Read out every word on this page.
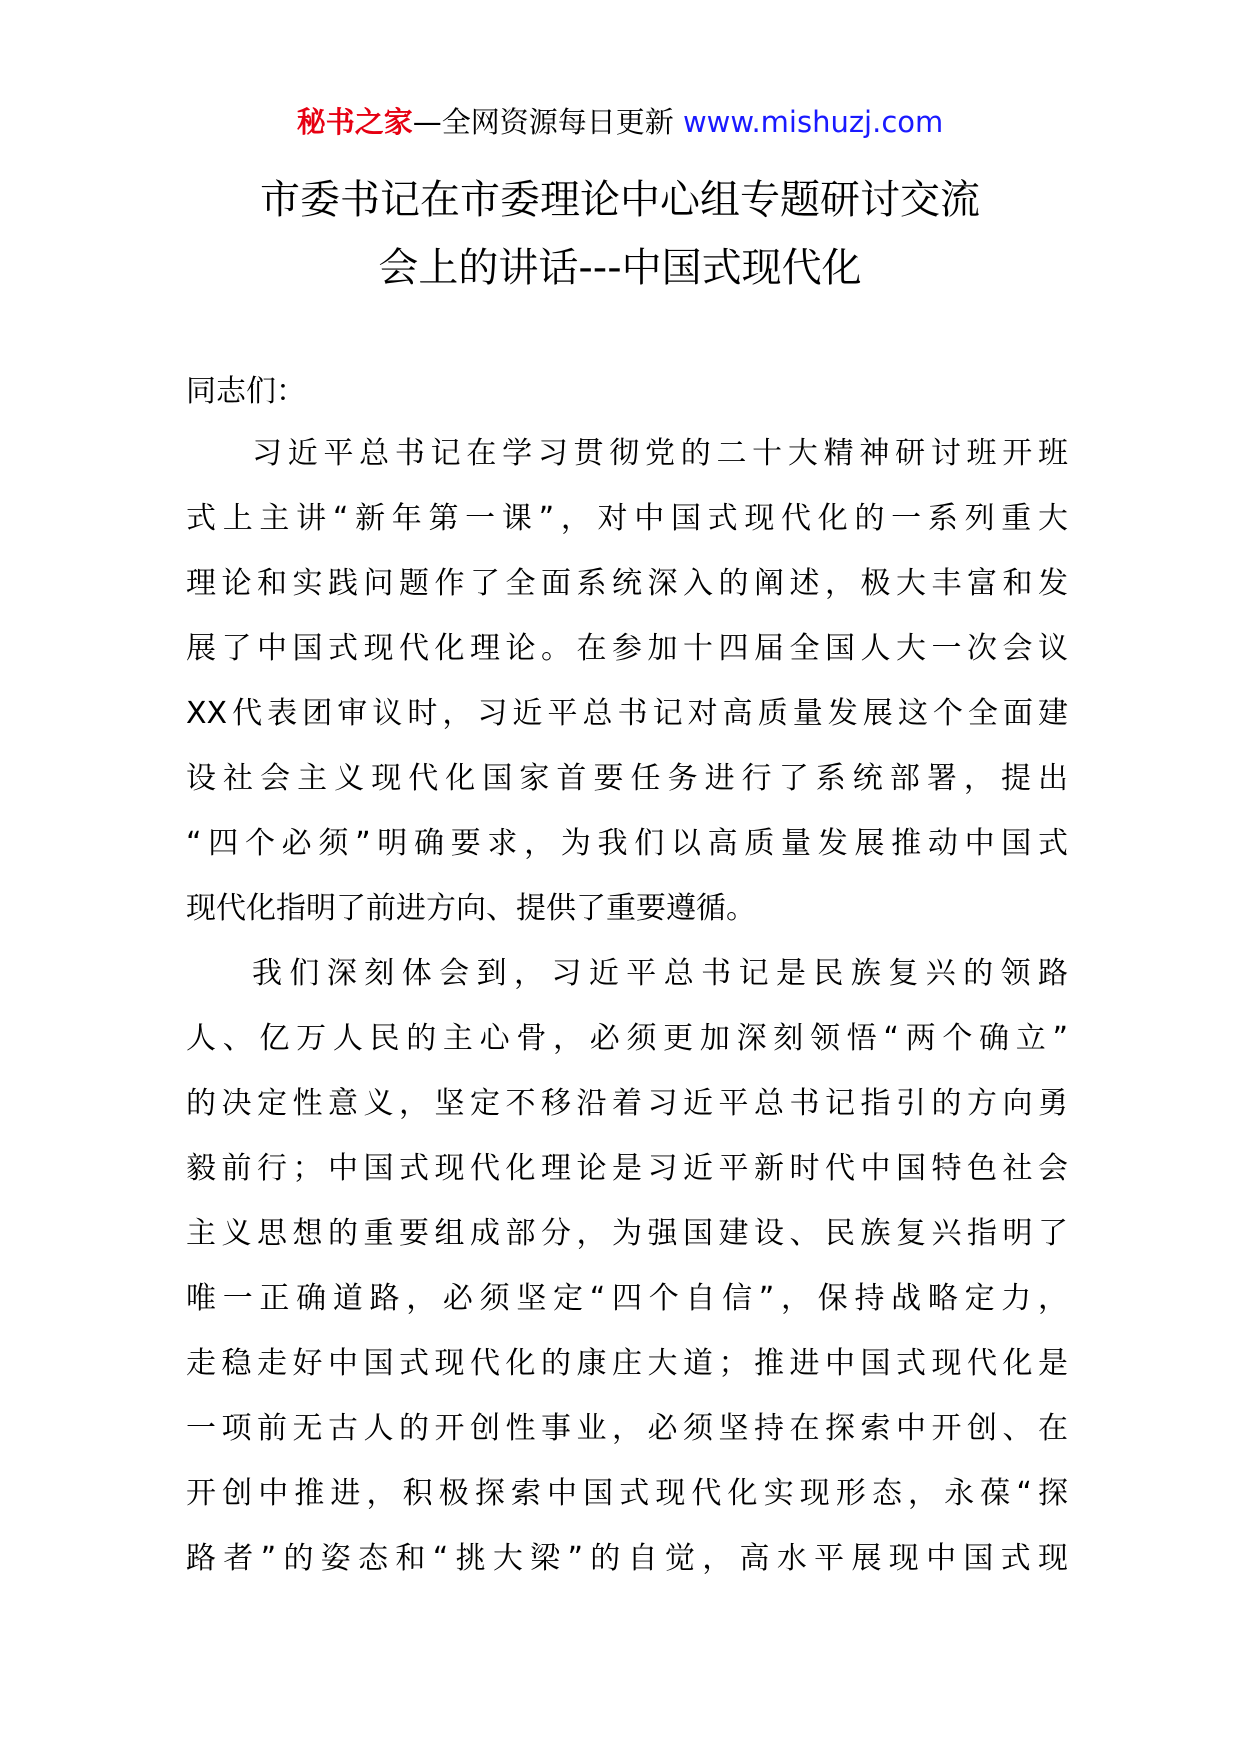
秘书之家—全网资源每日更新 www.mishuzj.com
市委书记在市委理论中心组专题研讨交流
会上的讲话---中国式现代化

同志们：

习近平总书记在学习贯彻党的二十大精神研讨班开班
式上主讲“新年第一课”，对中国式现代化的一系列重大
理论和实践问题作了全面系统深入的阐述，极大丰富和发
展了中国式现代化理论。在参加十四届全国人大一次会议
XX代表团审议时，习近平总书记对高质量发展这个全面建
设社会主义现代化国家首要任务进行了系统部署，提出
“四个必须”明确要求，为我们以高质量发展推动中国式
现代化指明了前进方向、提供了重要遵循。
我们深刻体会到，习近平总书记是民族复兴的领路
人、亿万人民的主心骨，必须更加深刻领悟“两个确立”
的决定性意义，坚定不移沿着习近平总书记指引的方向勇
毅前行；中国式现代化理论是习近平新时代中国特色社会
主义思想的重要组成部分，为强国建设、民族复兴指明了
唯一正确道路，必须坚定“四个自信”，保持战略定力，
走稳走好中国式现代化的康庄大道；推进中国式现代化是
一项前无古人的开创性事业，必须坚持在探索中开创、在
开创中推进，积极探索中国式现代化实现形态，永葆“探
路者”的姿态和“挑大梁”的自觉，高水平展现中国式现
